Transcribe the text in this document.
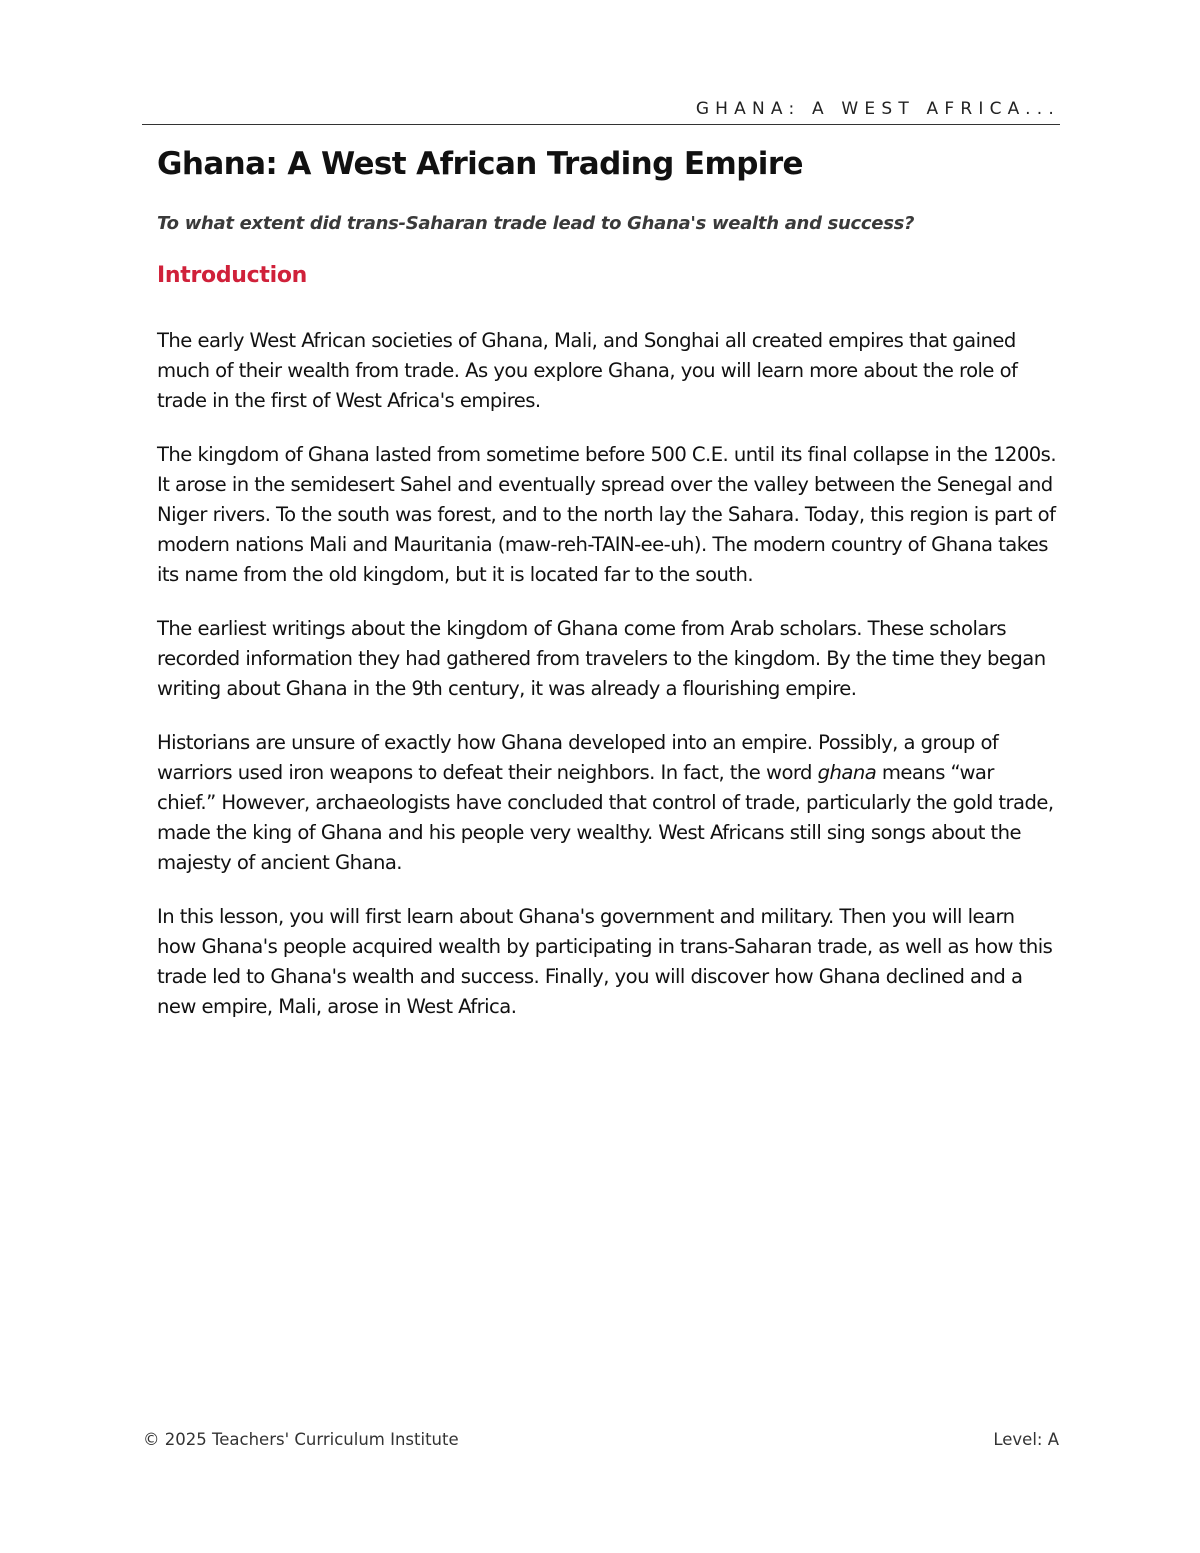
GHANA: A WEST AFRICA...
Ghana: A West African Trading Empire

To what extent did trans-Saharan trade lead to Ghana's wealth and success?

Introduction

The early West African societies of Ghana, Mali, and Songhai all created empires that gained much of their wealth from trade. As you explore Ghana, you will learn more about the role of trade in the first of West Africa's empires.

The kingdom of Ghana lasted from sometime before 500 C.E. until its final collapse in the 1200s. It arose in the semidesert Sahel and eventually spread over the valley between the Senegal and Niger rivers. To the south was forest, and to the north lay the Sahara. Today, this region is part of modern nations Mali and Mauritania (maw-reh-TAIN-ee-uh). The modern country of Ghana takes its name from the old kingdom, but it is located far to the south.

The earliest writings about the kingdom of Ghana come from Arab scholars. These scholars recorded information they had gathered from travelers to the kingdom. By the time they began writing about Ghana in the 9th century, it was already a flourishing empire.

Historians are unsure of exactly how Ghana developed into an empire. Possibly, a group of warriors used iron weapons to defeat their neighbors. In fact, the word ghana means “war chief.” However, archaeologists have concluded that control of trade, particularly the gold trade, made the king of Ghana and his people very wealthy. West Africans still sing songs about the majesty of ancient Ghana.

In this lesson, you will first learn about Ghana's government and military. Then you will learn how Ghana's people acquired wealth by participating in trans-Saharan trade, as well as how this trade led to Ghana's wealth and success. Finally, you will discover how Ghana declined and a new empire, Mali, arose in West Africa.

© 2025 Teachers' Curriculum Institute	Level: A
